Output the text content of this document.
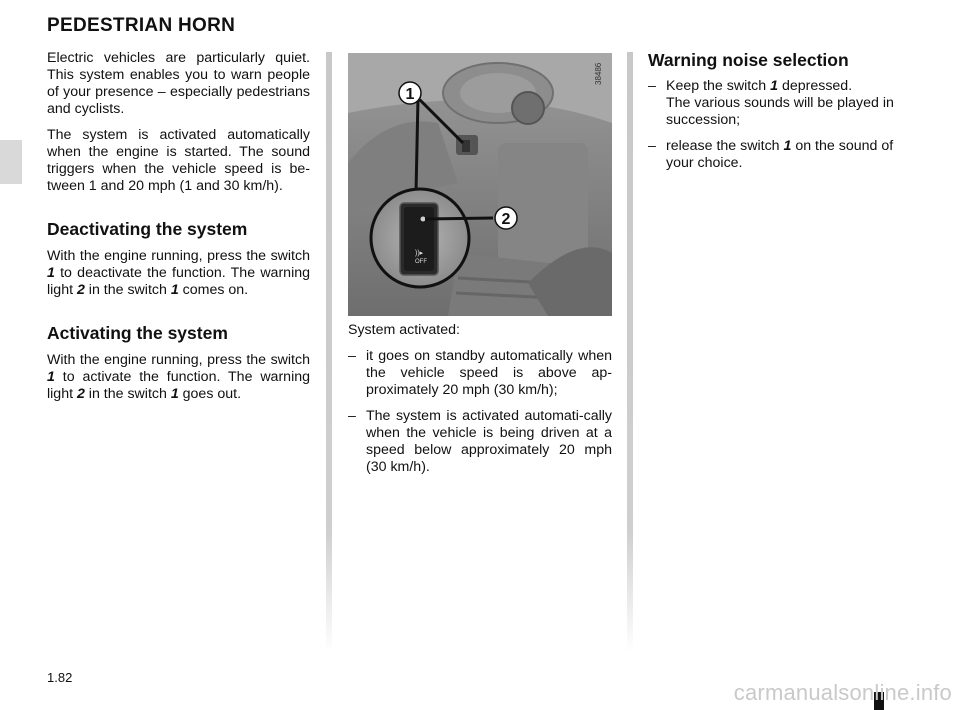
PEDESTRIAN HORN

Electric vehicles are particularly quiet. This system enables you to warn people of your presence – especially pedestrians and cyclists.

The system is activated automatically when the engine is started. The sound triggers when the vehicle speed is be-tween 1 and 20 mph (1 and 30 km/h).

Deactivating the system

With the engine running, press the switch 1 to deactivate the function. The warning light 2 in the switch 1 comes on.

Activating the system

With the engine running, press the switch 1 to activate the function. The warning light 2 in the switch 1 goes out.

))▸
OFF
1
2
38486

System activated:

– it goes on standby automatically when the vehicle speed is above ap-proximately 20 mph (30 km/h);
– The system is activated automati-cally when the vehicle is being driven at a speed below approximately 20 mph (30 km/h).
Warning noise selection
– Keep the switch 1 depressed.
The various sounds will be played in succession;
– release the switch 1 on the sound of your choice.
1.82
carmanualsonline.info
